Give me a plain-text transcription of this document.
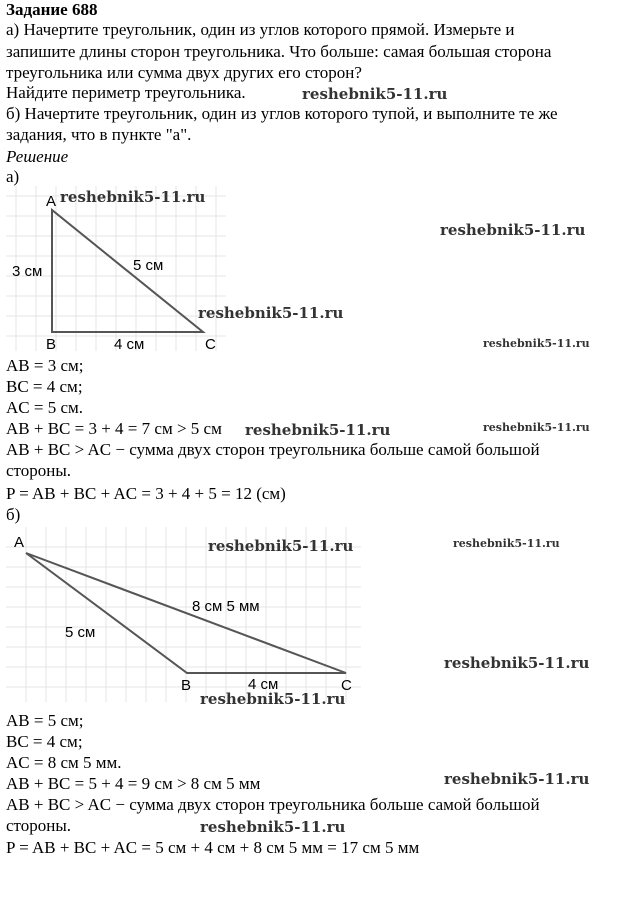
Задание 688
а) Начертите треугольник, один из углов которого прямой. Измерьте и
запишите длины сторон треугольника. Что больше: самая большая сторона
треугольника или сумма двух других его сторон?
Найдите периметр треугольника.
б) Начертите треугольник, один из углов которого тупой, и выполните те же
задания, что в пункте "а".
Решение
а)
A
B	C
3 см
4 см
5 см
AB = 3 см;
BC = 4 см;
AC = 5 см.
AB + BC = 3 + 4 = 7 см > 5 см
AB + BC > AC − сумма двух сторон треугольника больше самой большой
стороны.
P = AB + BC + AC = 3 + 4 + 5 = 12 (см)
б)
A
B	C
5 см
4 см
8 см 5 мм
AB = 5 см;
BC = 4 см;
AC = 8 см 5 мм.
AB + BC = 5 + 4 = 9 см > 8 см 5 мм
AB + BC > AC − сумма двух сторон треугольника больше самой большой
стороны.
P = AB + BC + AC = 5 см + 4 см + 8 см 5 мм = 17 см 5 мм
reshebnik5-11.ru
reshebnik5-11.ru
reshebnik5-11.ru
reshebnik5-11.ru
reshebnik5-11.ru
reshebnik5-11.ru	reshebnik5-11.ru
reshebnik5-11.ru	reshebnik5-11.ru
reshebnik5-11.ru
reshebnik5-11.ru
reshebnik5-11.ru
reshebnik5-11.ru
